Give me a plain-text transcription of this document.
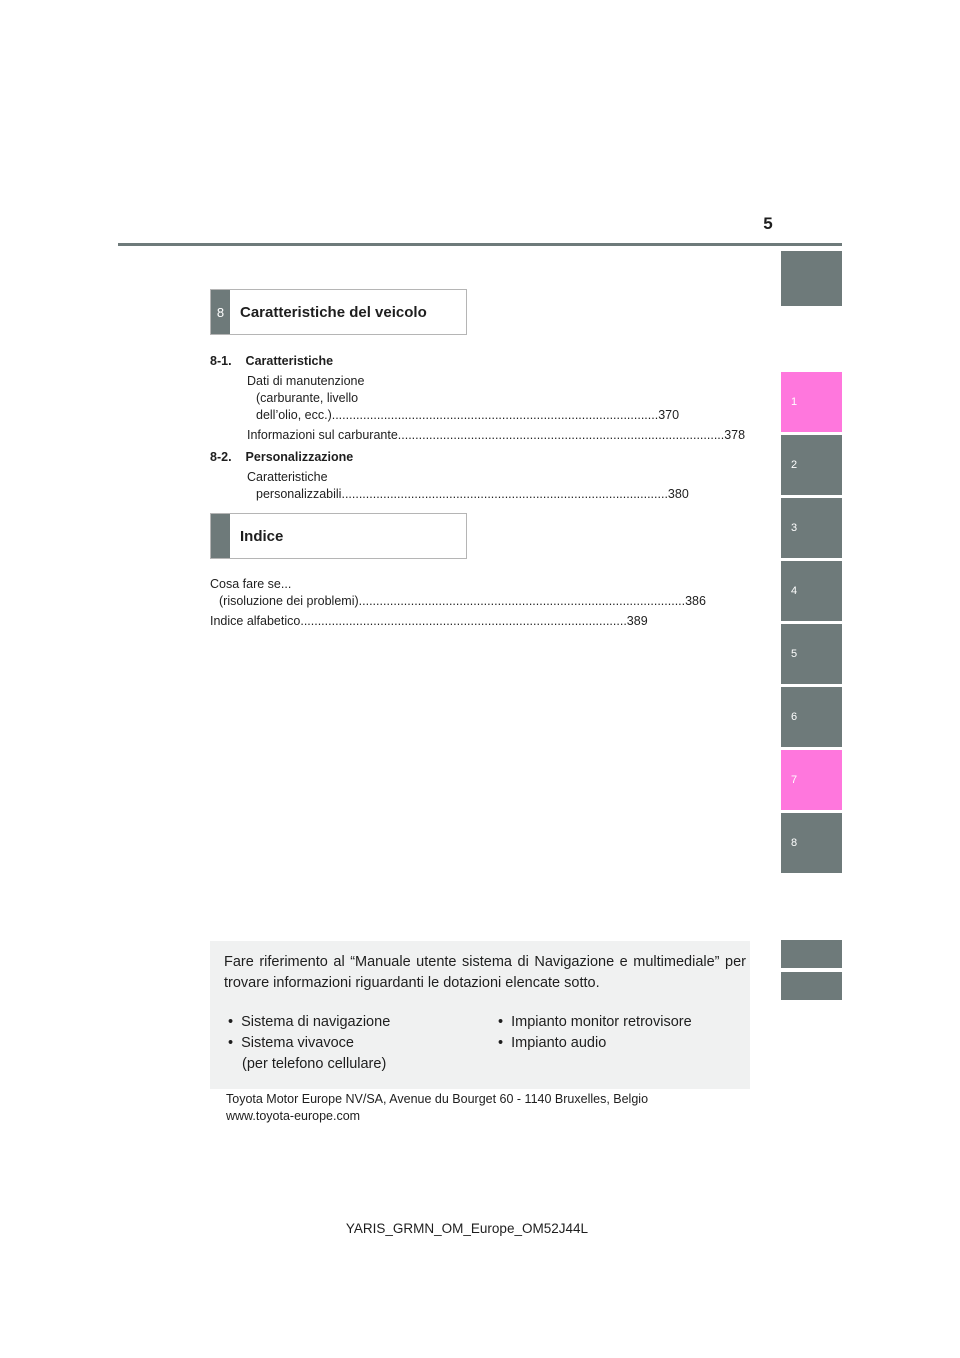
5
1
2
3
4
5
6
7
8
8	Caratteristiche del veicolo
8-1. Caratteristiche
Dati di manutenzione
(carburante, livello
dell’olio, ecc.) .............................................................................................. 370
Informazioni sul carburante .............................................................................................. 378
8-2. Personalizzazione
Caratteristiche
personalizzabili .............................................................................................. 380
Indice
Cosa fare se...
(risoluzione dei problemi) .............................................................................................. 386
Indice alfabetico .............................................................................................. 389
Fare riferimento al “Manuale utente sistema di Navigazione e multimediale” per trovare informazioni riguardanti le dotazioni elencate sotto.
•  Sistema di navigazione
•  Sistema vivavoce
(per telefono cellulare)
•  Impianto monitor retrovisore
•  Impianto audio
Toyota Motor Europe NV/SA, Avenue du Bourget 60 - 1140 Bruxelles, Belgio
www.toyota-europe.com
YARIS_GRMN_OM_Europe_OM52J44L
